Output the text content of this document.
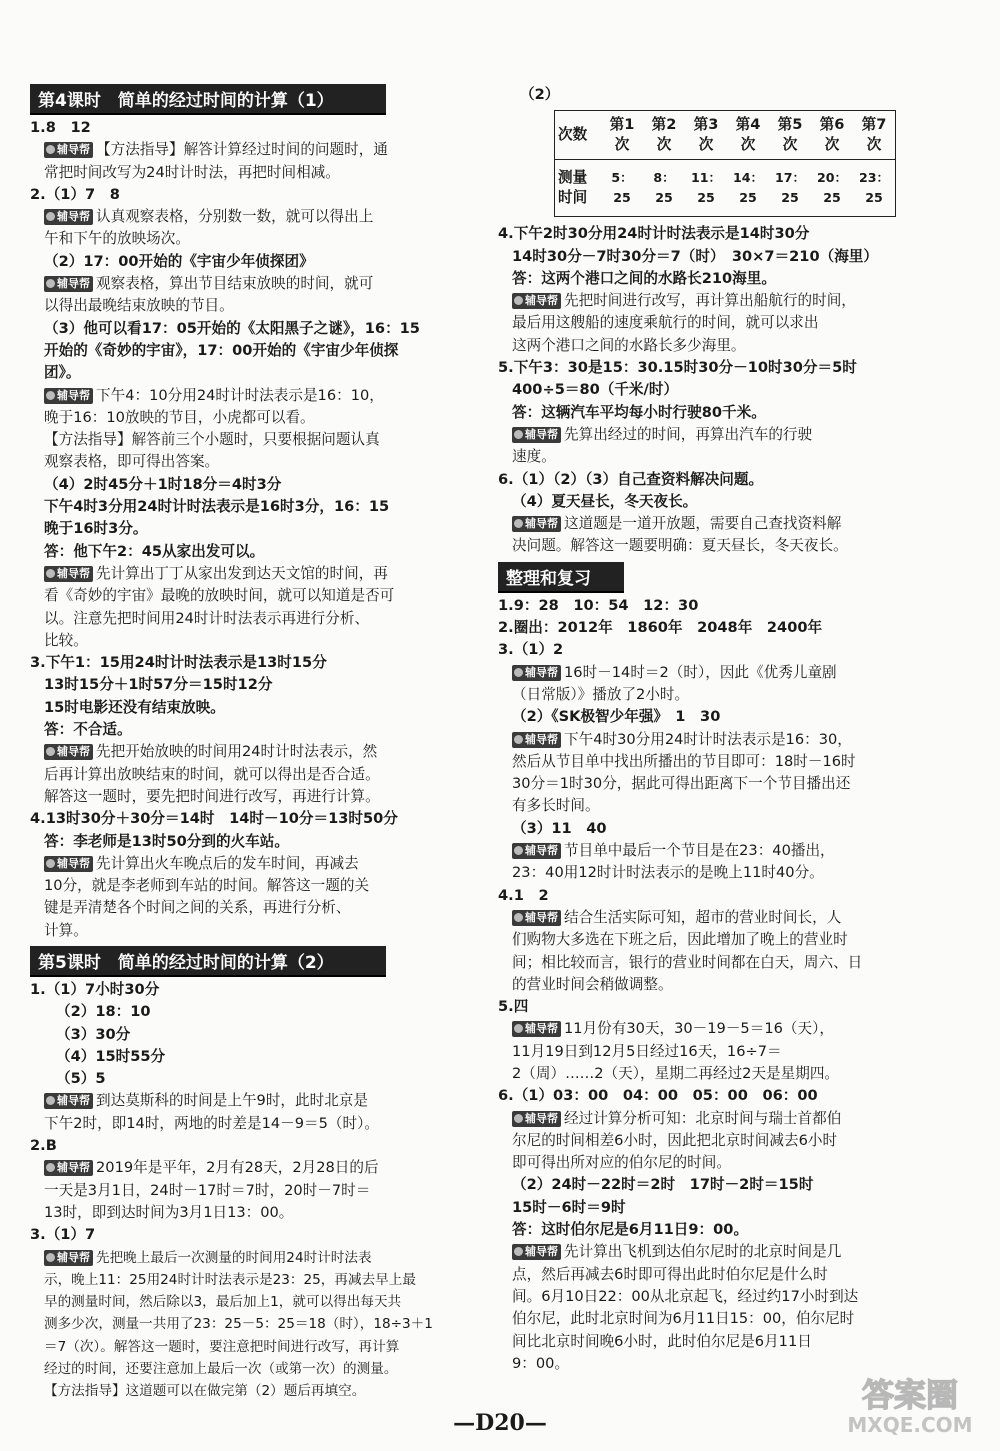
第4课时　简单的经过时间的计算（1）
1.8　12
辅导帮 【方法指导】解答计算经过时间的问题时，通
常把时间改写为24时计时法，再把时间相减。
2.（1）7　8
辅导帮 认真观察表格，分别数一数，就可以得出上
午和下午的放映场次。
（2）17：00开始的《宇宙少年侦探团》
辅导帮 观察表格，算出节目结束放映的时间，就可
以得出最晚结束放映的节目。
（3）他可以看17：05开始的《太阳黑子之谜》，16：15
开始的《奇妙的宇宙》，17：00开始的《宇宙少年侦探
团》。
辅导帮 下午4：10分用24时计时法表示是16：10，
晚于16：10放映的节目，小虎都可以看。
【方法指导】解答前三个小题时，只要根据问题认真
观察表格，即可得出答案。
（4）2时45分＋1时18分＝4时3分
下午4时3分用24时计时法表示是16时3分，16：15
晚于16时3分。
答：他下午2：45从家出发可以。
辅导帮 先计算出丁丁从家出发到达天文馆的时间，再
看《奇妙的宇宙》最晚的放映时间，就可以知道是否可
以。注意先把时间用24时计时法表示再进行分析、
比较。
3.下午1：15用24时计时法表示是13时15分
13时15分＋1时57分＝15时12分
15时电影还没有结束放映。
答：不合适。
辅导帮 先把开始放映的时间用24时计时法表示，然
后再计算出放映结束的时间，就可以得出是否合适。
解答这一题时，要先把时间进行改写，再进行计算。
4.13时30分＋30分＝14时　14时－10分＝13时50分
答：李老师是13时50分到的火车站。
辅导帮 先计算出火车晚点后的发车时间，再减去
10分，就是李老师到车站的时间。解答这一题的关
键是弄清楚各个时间之间的关系，再进行分析、
计算。
第5课时　简单的经过时间的计算（2）
1.（1）7小时30分
（2）18：10
（3）30分
（4）15时55分
（5）5
辅导帮 到达莫斯科的时间是上午9时，此时北京是
下午2时，即14时，两地的时差是14－9＝5（时）。
2.B
辅导帮 2019年是平年，2月有28天，2月28日的后
一天是3月1日，24时－17时＝7时，20时－7时＝
13时，即到达时间为3月1日13：00。
3.（1）7
辅导帮 先把晚上最后一次测量的时间用24时计时法表
示，晚上11：25用24时计时法表示是23：25，再减去早上最
早的测量时间，然后除以3，最后加上1，就可以得出每天共
测多少次，测量一共用了23：25－5：25＝18（时），18÷3＋1
＝7（次）。解答这一题时，要注意把时间进行改写，再计算
经过的时间，还要注意加上最后一次（或第一次）的测量。
【方法指导】这道题可以在做完第（2）题后再填空。
（2）
次数	第1次	第2次	第3次	第4次	第5次	第6次	第7次
测量时间	5：25	8：25	11：25	14：25	17：25	20：25	23：25
4.下午2时30分用24时计时法表示是14时30分
14时30分－7时30分＝7（时）　30×7＝210（海里）
答：这两个港口之间的水路长210海里。
辅导帮 先把时间进行改写，再计算出船航行的时间，
最后用这艘船的速度乘航行的时间，就可以求出
这两个港口之间的水路长多少海里。
5.下午3：30是15：30.15时30分－10时30分＝5时
400÷5＝80（千米/时）
答：这辆汽车平均每小时行驶80千米。
辅导帮 先算出经过的时间，再算出汽车的行驶
速度。
6.（1）（2）（3）自己查资料解决问题。
（4）夏天昼长，冬天夜长。
辅导帮 这道题是一道开放题，需要自己查找资料解
决问题。解答这一题要明确：夏天昼长，冬天夜长。
整理和复习
1.9：28　10：54　12：30
2.圈出：2012年　1860年　2048年　2400年
3.（1）2
辅导帮 16时－14时＝2（时），因此《优秀儿童剧
（日常版）》播放了2小时。
（2）《SK极智少年强》　1　30
辅导帮 下午4时30分用24时计时法表示是16：30，
然后从节目单中找出所播出的节目即可：18时－16时
30分＝1时30分，据此可得出距离下一个节目播出还
有多长时间。
（3）11　40
辅导帮 节目单中最后一个节目是在23：40播出，
23：40用12时计时法表示的是晚上11时40分。
4.1　2
辅导帮 结合生活实际可知，超市的营业时间长，人
们购物大多选在下班之后，因此增加了晚上的营业时
间；相比较而言，银行的营业时间都在白天，周六、日
的营业时间会稍做调整。
5.四
辅导帮 11月份有30天，30－19－5＝16（天），
11月19日到12月5日经过16天，16÷7＝
2（周）……2（天），星期二再经过2天是星期四。
6.（1）03：00　04：00　05：00　06：00
辅导帮 经过计算分析可知：北京时间与瑞士首都伯
尔尼的时间相差6小时，因此把北京时间减去6小时
即可得出所对应的伯尔尼的时间。
（2）24时－22时＝2时　17时－2时＝15时
15时－6时＝9时
答：这时伯尔尼是6月11日9：00。
辅导帮 先计算出飞机到达伯尔尼时的北京时间是几
点，然后再减去6时即可得出此时伯尔尼是什么时
间。6月10日22：00从北京起飞，经过约17小时到达
伯尔尼，此时北京时间为6月11日15：00，伯尔尼时
间比北京时间晚6小时，此时伯尔尼是6月11日
9：00。
—D20—
答案圈
MXQE.COM
